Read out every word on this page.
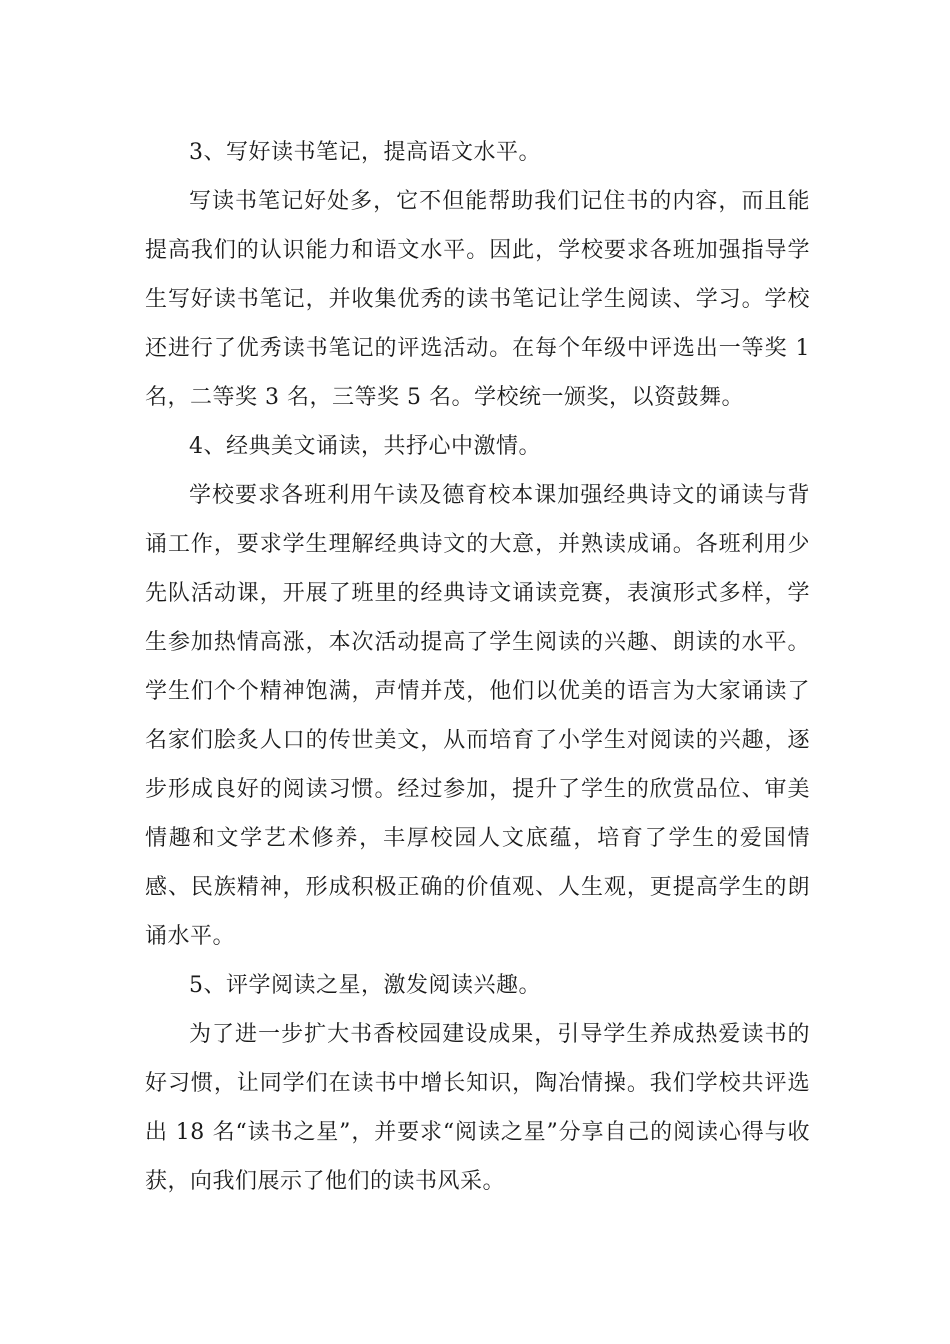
3、写好读书笔记，提高语文水平。

写读书笔记好处多，它不但能帮助我们记住书的内容，而且能提高我们的认识能力和语文水平。因此，学校要求各班加强指导学生写好读书笔记，并收集优秀的读书笔记让学生阅读、学习。学校还进行了优秀读书笔记的评选活动。在每个年级中评选出一等奖 1 名，二等奖 3 名，三等奖 5 名。学校统一颁奖，以资鼓舞。

4、经典美文诵读，共抒心中激情。

学校要求各班利用午读及德育校本课加强经典诗文的诵读与背诵工作，要求学生理解经典诗文的大意，并熟读成诵。各班利用少先队活动课，开展了班里的经典诗文诵读竞赛，表演形式多样，学生参加热情高涨，本次活动提高了学生阅读的兴趣、朗读的水平。学生们个个精神饱满，声情并茂，他们以优美的语言为大家诵读了名家们脍炙人口的传世美文，从而培育了小学生对阅读的兴趣，逐步形成良好的阅读习惯。经过参加，提升了学生的欣赏品位、审美情趣和文学艺术修养，丰厚校园人文底蕴，培育了学生的爱国情感、民族精神，形成积极正确的价值观、人生观，更提高学生的朗诵水平。

5、评学阅读之星，激发阅读兴趣。

为了进一步扩大书香校园建设成果，引导学生养成热爱读书的好习惯，让同学们在读书中增长知识，陶冶情操。我们学校共评选出 18 名“读书之星”，并要求“阅读之星”分享自己的阅读心得与收获，向我们展示了他们的读书风采。
